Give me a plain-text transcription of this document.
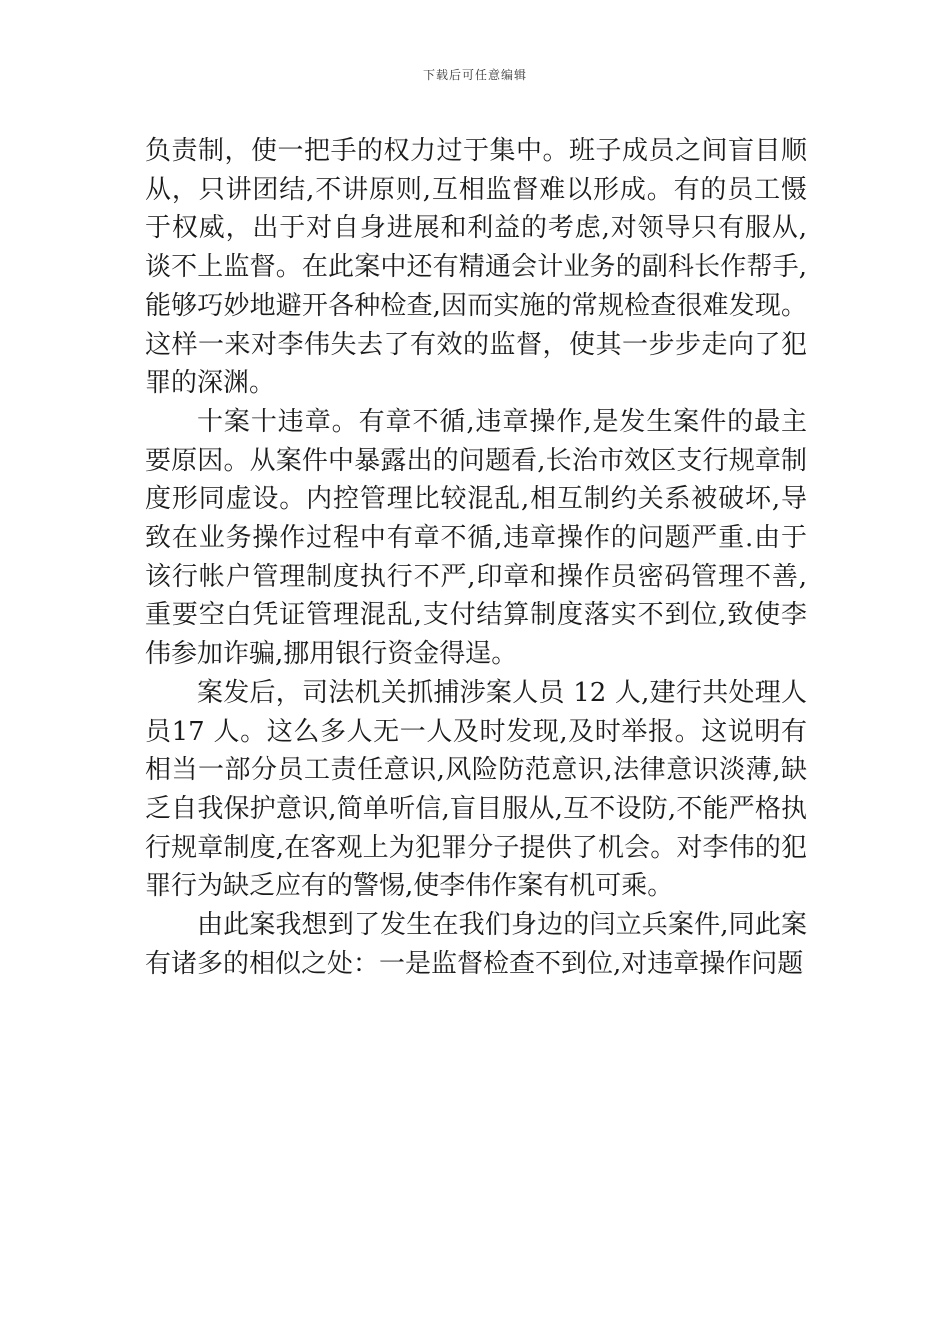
下载后可任意编辑

负责制，使一把手的权力过于集中。班子成员之间盲目顺从，只讲团结,不讲原则,互相监督难以形成。有的员工慑于权威，出于对自身进展和利益的考虑,对领导只有服从,谈不上监督。在此案中还有精通会计业务的副科长作帮手,能够巧妙地避开各种检查,因而实施的常规检查很难发现。这样一来对李伟失去了有效的监督，使其一步步走向了犯罪的深渊。

十案十违章。有章不循,违章操作,是发生案件的最主要原因。从案件中暴露出的问题看,长治市效区支行规章制度形同虚设。内控管理比较混乱,相互制约关系被破坏,导致在业务操作过程中有章不循,违章操作的问题严重.由于该行帐户管理制度执行不严,印章和操作员密码管理不善,重要空白凭证管理混乱,支付结算制度落实不到位,致使李伟参加诈骗,挪用银行资金得逞。

案发后，司法机关抓捕涉案人员 12 人,建行共处理人员17 人。这么多人无一人及时发现,及时举报。这说明有相当一部分员工责任意识,风险防范意识,法律意识淡薄,缺乏自我保护意识,简单听信,盲目服从,互不设防,不能严格执行规章制度,在客观上为犯罪分子提供了机会。对李伟的犯罪行为缺乏应有的警惕,使李伟作案有机可乘。

由此案我想到了发生在我们身边的闫立兵案件,同此案有诸多的相似之处：一是监督检查不到位,对违章操作问题
